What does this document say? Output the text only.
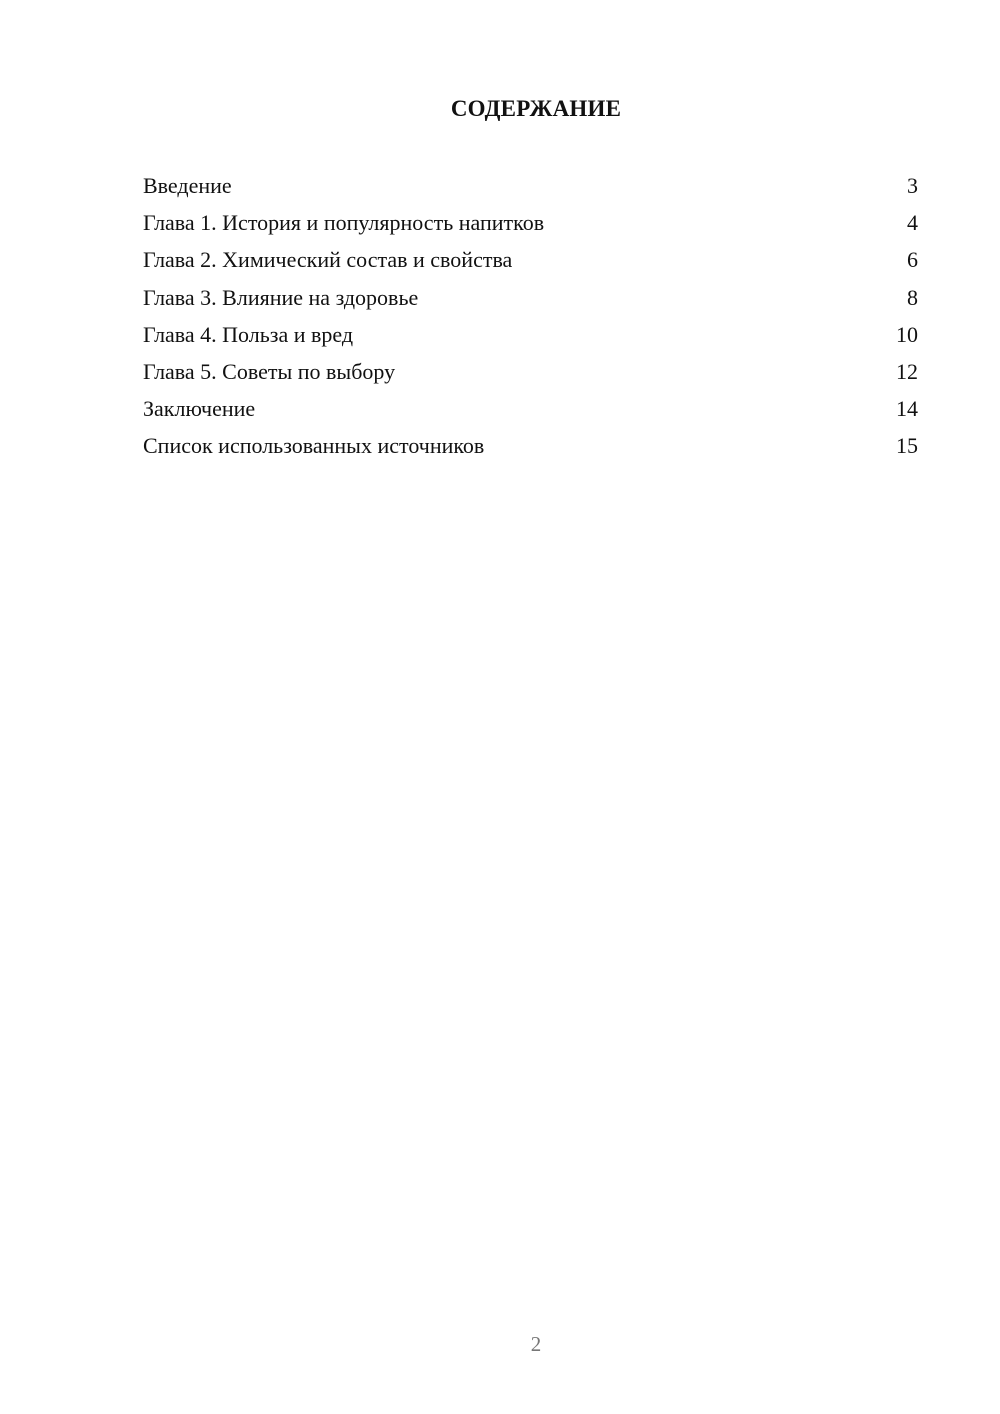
СОДЕРЖАНИЕ
Введение	3
Глава 1. История и популярность напитков	4
Глава 2. Химический состав и свойства	6
Глава 3. Влияние на здоровье	8
Глава 4. Польза и вред	10
Глава 5. Советы по выбору	12
Заключение	14
Список использованных источников	15

2
